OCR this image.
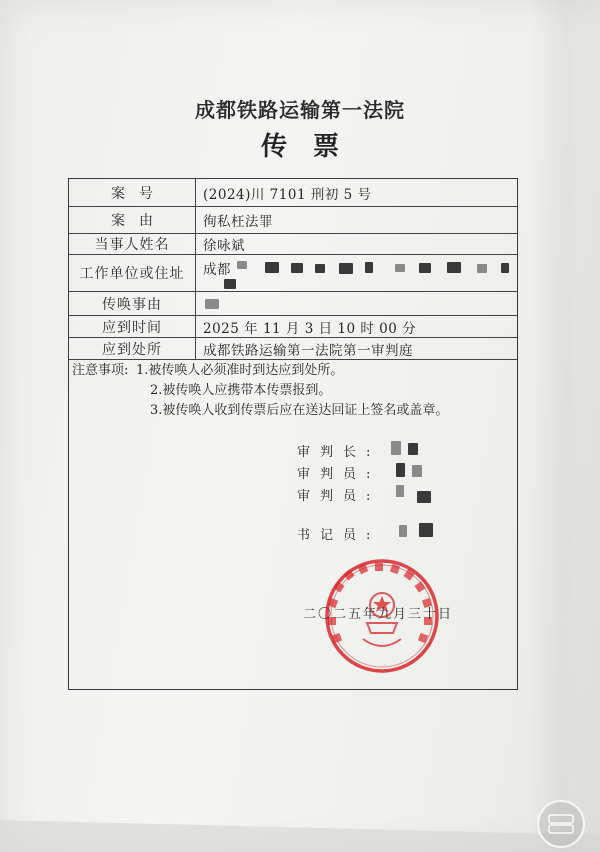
成都铁路运输第一法院
传票
案号	(2024)川 7101 刑初 5 号
案由	徇私枉法罪
当事人姓名	徐咏斌
工作单位或住址	成都
传唤事由
应到时间	2025 年 11 月 3 日 10 时 00 分
应到处所	成都铁路运输第一法院第一审判庭
注意事项: 1.被传唤人必须准时到达应到处所。
2.被传唤人应携带本传票报到。
3.被传唤人收到传票后应在送达回证上签名或盖章。
审判长:
审判员:
审判员:
书记员:
二〇二五年九月三十日
